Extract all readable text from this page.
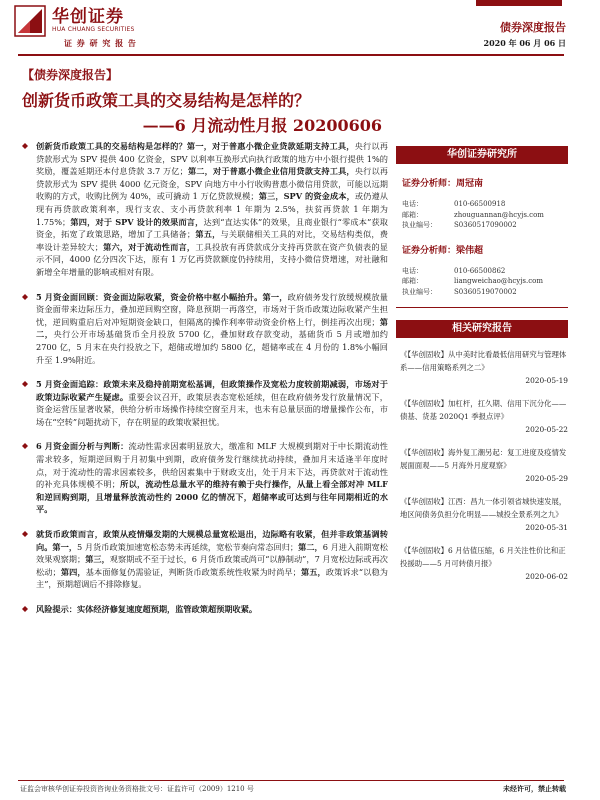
华创证券
HUA CHUANG SECURITIES	债券深度报告
证 券 研 究 报 告	2020 年 06 月 06 日
【债券深度报告】
创新货币政策工具的交易结构是怎样的？
——6 月流动性月报 20200606

创新货币政策工具的交易结构是怎样的？第一，对于普惠小微企业贷款延期支持工具，央行以再贷款形式为 SPV 提供 400 亿资金，SPV 以利率互换形式向执行政策的地方中小银行提供 1%的奖励，覆盖延期还本付息贷款 3.7 万亿；第二，对于普惠小微企业信用贷款支持工具，央行以再贷款形式为 SPV 提供 4000 亿元资金，SPV 向地方中小行收购普惠小微信用贷款，可能以远期收购的方式，收购比例为 40%，或可撬动 1 万亿贷款规模；第三，SPV 的资金成本，或仍遵从现有再贷款政策利率，现行支农、支小再贷款利率 1 年期为 2.5%，扶贫再贷款 1 年期为 1.75%；第四，对于 SPV 设计的效果而言，达到“直达实体”的效果，且商业银行“零成本”获取资金，拓宽了政策思路，增加了工具储备；第五，与关联储相关工具的对比，交易结构类似，费率设计差异较大；第六，对于流动性而言，工具投放有再贷款成分支持再贷款在资产负债表的显示不同，4000 亿分四次下达，原有 1 万亿再贷款额度仍持续用，支持小微信贷增速，对社融和新增全年增量的影响或相对有限。

5 月资金面回顾：资金面边际收紧，资金价格中枢小幅抬升。第一，政府债务发行放缓规模放量资金面带来边际压力，叠加逆回购空窗，降息预期一再落空，市场对于货币政策边际收紧产生担忧，逆回购重启后对冲短期资金缺口，但隔离的操作利率带动资金价格上行，倒挂再次出现；第二，央行公开市场基础货币全月投放 5700 亿，叠加财政存款变动，基础货币 5 月或增加约 2700 亿，5 月末在央行投放之下，超储或增加约 5800 亿，超储率或在 4 月份的 1.8%小幅回升至 1.9%附近。

5 月资金面追踪：政策未来及稳持前期宽松基调，但政策操作及宽松力度较前期减弱，市场对于政策边际收紧产生疑虑。重要会议召开，政策层表态宽松延续，但在政府债务发行放量情况下，资金运营压显著收紧，供给分析市场操作持续空窗至月末，也未有总量层面的增量操作公布，市场在“空转”问题扰动下，存在明显的政策收紧担忧。

6 月资金面分析与判断：流动性需求因素明显放大，缴准和 MLF 大规模到期对于中长期流动性需求较多，短期逆回购于月初集中到期，政府债务发行继续扰动持续，叠加月末适逢半年度时点，对于流动性的需求因素较多，供给因素集中于财政支出，处于月末下达，再贷款对于流动性的补充具体规模不明；所以，流动性总量水平的维持有赖于央行操作，从量上看全部对冲 MLF 和逆回购到期，且增量释放流动性约 2000 亿的情况下，超储率或可达到与往年同期相近的水平。

就货币政策而言，政策从疫情爆发期的大规模总量宽松退出，边际略有收紧，但并非政策基调转向。第一，5 月货币政策加速宽松态势未再延续，宽松节奏向常态回归；第二，6 月进入前期宽松效果观察期；第三，观察期或不至于过长，6 月货币政策或尚可“以静制动”，7 月宽松边际或再次松动；第四，基本面修复仍需验证，判断货币政策系统性收紧为时尚早；第五，政策诉求“以稳为主”，预期超调后不排除修复。

风险提示：实体经济修复速度超预期，监管政策超预期收紧。

华创证券研究所
证券分析师：周冠南
电话：	010-66500918
邮箱：	zhouguannan@hcyjs.com
执业编号：	S0360517090002
证券分析师：梁伟超
电话：	010-66500862
邮箱：	liangweichao@hcyjs.com
执业编号：	S0360519070002
相关研究报告
《【华创固收】从中美时比看最低信用研究与管理体系——信用策略系列之二》
2020-05-19
《【华创固收】加杠杆，扛久期、信用下沉分化——债基、货基 2020Q1 季报点评》
2020-05-22
《【华创固收】海外复工潮另起：复工进度及疫情发展面面观——5 月海外月度观察》
2020-05-29
《【华创固收】江西：昌九一体引领省城快速发展，地区间债务负担分化明显——城投全景系列之九》
2020-05-31
《【华创固收】6 月估值压缩，6 月关注性价比和正投援助——5 月可转债月报》
2020-06-02
证监会审核华创证券投资咨询业务资格批文号：证监许可（2009）1210 号	未经许可，禁止转载
